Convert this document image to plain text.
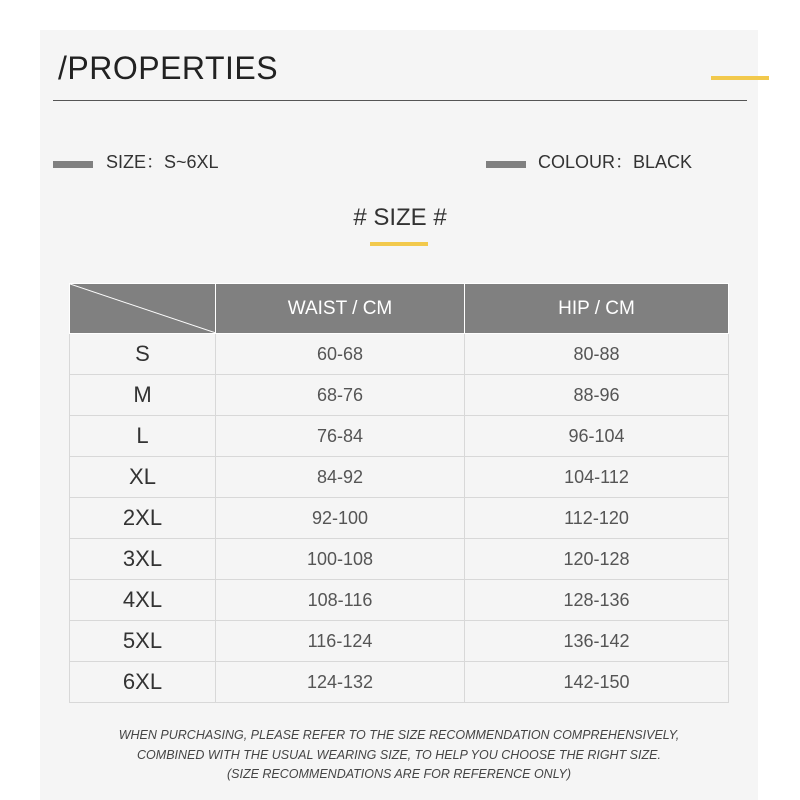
/PROPERTIES
SIZE：S~6XL	COLOUR：BLACK
# SIZE #
	WAIST / CM	HIP / CM
S	60-68	80-88
M	68-76	88-96
L	76-84	96-104
XL	84-92	104-112
2XL	92-100	112-120
3XL	100-108	120-128
4XL	108-116	128-136
5XL	116-124	136-142
6XL	124-132	142-150
WHEN PURCHASING, PLEASE REFER TO THE SIZE RECOMMENDATION COMPREHENSIVELY,
COMBINED WITH THE USUAL WEARING SIZE, TO HELP YOU CHOOSE THE RIGHT SIZE.
(SIZE RECOMMENDATIONS ARE FOR REFERENCE ONLY)
